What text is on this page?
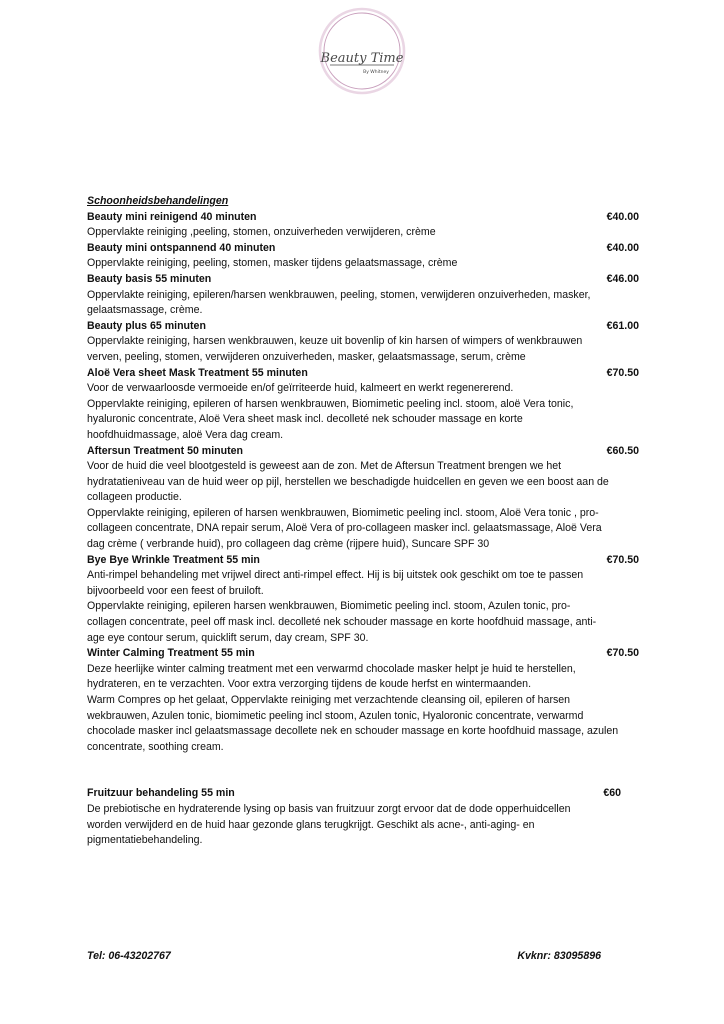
Beauty Time
By Whitney
Schoonheidsbehandelingen
Beauty mini reinigend 40 minuten	€40.00

Oppervlakte reiniging ,peeling, stomen, onzuiverheden verwijderen, crème

Beauty mini ontspannend 40 minuten	€40.00

Oppervlakte reiniging, peeling, stomen, masker tijdens gelaatsmassage, crème

Beauty basis 55 minuten	€46.00

Oppervlakte reiniging, epileren/harsen wenkbrauwen, peeling, stomen, verwijderen onzuiverheden, masker,
gelaatsmassage, crème.

Beauty plus 65 minuten	€61.00

Oppervlakte reiniging, harsen wenkbrauwen, keuze uit bovenlip of kin harsen of wimpers of wenkbrauwen
verven, peeling, stomen, verwijderen onzuiverheden, masker, gelaatsmassage, serum, crème

Aloë Vera sheet Mask Treatment 55 minuten	€70.50

Voor de verwaarloosde vermoeide en/of geïrriteerde huid, kalmeert en werkt regenererend.
Oppervlakte reiniging, epileren of harsen wenkbrauwen, Biomimetic peeling incl. stoom, aloë Vera tonic,
hyaluronic concentrate, Aloë Vera sheet mask incl. decolleté nek schouder massage en korte
hoofdhuidmassage, aloë Vera dag cream.

Aftersun Treatment 50 minuten	€60.50

Voor de huid die veel blootgesteld is geweest aan de zon. Met de Aftersun Treatment brengen we het
hydratatieniveau van de huid weer op pijl, herstellen we beschadigde huidcellen en geven we een boost aan de
collageen productie.
Oppervlakte reiniging, epileren of harsen wenkbrauwen, Biomimetic peeling incl. stoom, Aloë Vera tonic , pro-
collageen concentrate, DNA repair serum, Aloë Vera of pro-collageen masker incl. gelaatsmassage, Aloë Vera
dag crème ( verbrande huid), pro collageen dag crème (rijpere huid), Suncare SPF 30

Bye Bye Wrinkle Treatment 55 min	€70.50

Anti-rimpel behandeling met vrijwel direct anti-rimpel effect. Hij is bij uitstek ook geschikt om toe te passen
bijvoorbeeld voor een feest of bruiloft.
Oppervlakte reiniging, epileren harsen wenkbrauwen, Biomimetic peeling incl. stoom, Azulen tonic, pro-
collagen concentrate, peel off mask incl. decolleté nek schouder massage en korte hoofdhuid massage, anti-
age eye contour serum, quicklift serum, day cream, SPF 30.

Winter Calming Treatment 55 min	€70.50

Deze heerlijke winter calming treatment met een verwarmd chocolade masker helpt je huid te herstellen,
hydrateren, en te verzachten. Voor extra verzorging tijdens de koude herfst en wintermaanden.
Warm Compres op het gelaat, Oppervlakte reiniging met verzachtende cleansing oil, epileren of harsen
wekbrauwen, Azulen tonic, biomimetic peeling incl stoom, Azulen tonic, Hyaloronic concentrate, verwarmd
chocolade masker incl gelaatsmassage decollete nek en schouder massage en korte hoofdhuid massage, azulen
concentrate, soothing cream.

Fruitzuur behandeling 55 min	€60

De prebiotische en hydraterende lysing op basis van fruitzuur zorgt ervoor dat de dode opperhuidcellen
worden verwijderd en de huid haar gezonde glans terugkrijgt. Geschikt als acne-, anti-aging- en
pigmentatiebehandeling.

Tel: 06-43202767	Kvknr: 83095896
